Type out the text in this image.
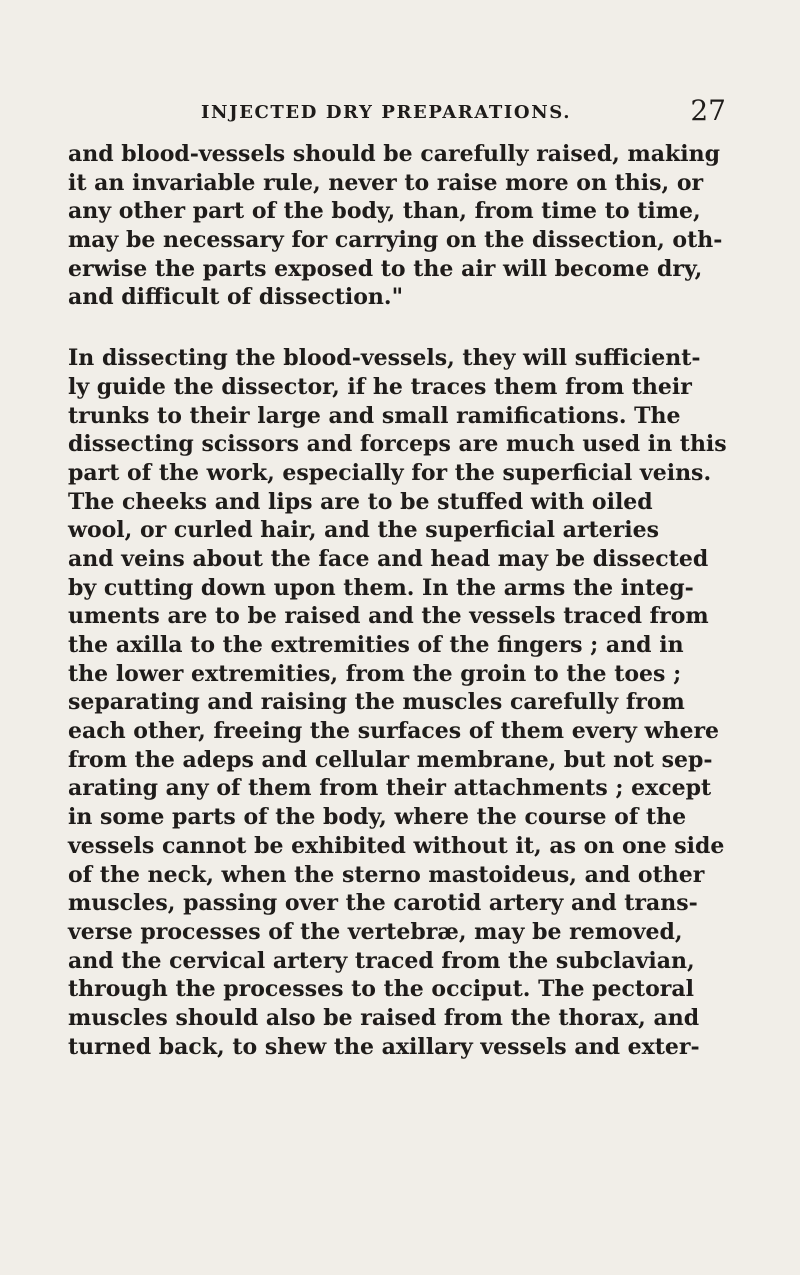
INJECTED DRY PREPARATIONS.	27
and blood-vessels should be carefully raised, making
it an invariable rule, never to raise more on this, or
any other part of the body, than, from time to time,
may be necessary for carrying on the dissection, oth-
erwise the parts exposed to the air will become dry,
and difficult of dissection."
In dissecting the blood-vessels, they will sufficient-
ly guide the dissector, if he traces them from their
trunks to their large and small ramifications. The
dissecting scissors and forceps are much used in this
part of the work, especially for the superficial veins.
The cheeks and lips are to be stuffed with oiled
wool, or curled hair, and the superficial arteries
and veins about the face and head may be dissected
by cutting down upon them. In the arms the integ-
uments are to be raised and the vessels traced from
the axilla to the extremities of the fingers ; and in
the lower extremities, from the groin to the toes ;
separating and raising the muscles carefully from
each other, freeing the surfaces of them every where
from the adeps and cellular membrane, but not sep-
arating any of them from their attachments ; except
in some parts of the body, where the course of the
vessels cannot be exhibited without it, as on one side
of the neck, when the sterno mastoideus, and other
muscles, passing over the carotid artery and trans-
verse processes of the vertebræ, may be removed,
and the cervical artery traced from the subclavian,
through the processes to the occiput. The pectoral
muscles should also be raised from the thorax, and
turned back, to shew the axillary vessels and exter-
